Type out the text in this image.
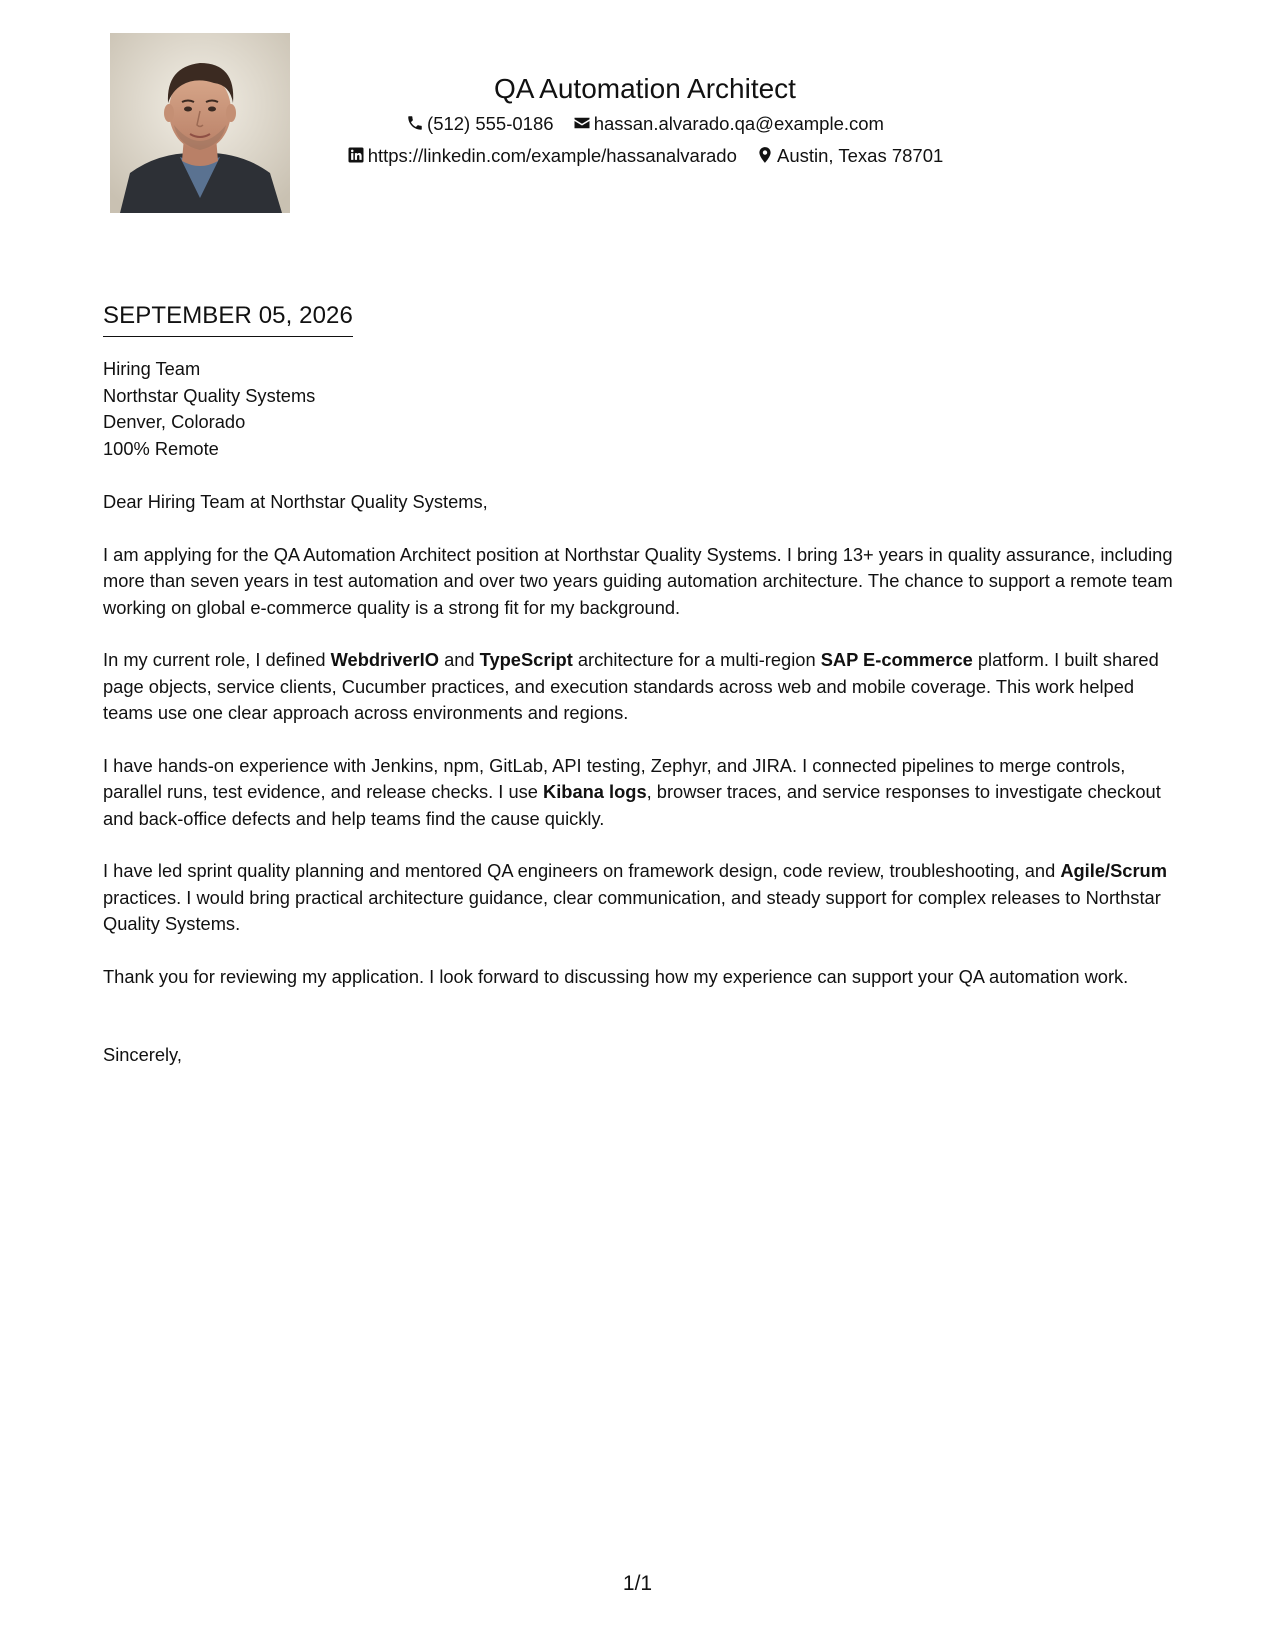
QA Automation Architect
(512) 555-0186 hassan.alvarado.qa@example.com
https://linkedin.com/example/hassanalvarado Austin, Texas 78701
SEPTEMBER 05, 2026
Hiring Team
Northstar Quality Systems
Denver, Colorado
100% Remote

Dear Hiring Team at Northstar Quality Systems,

I am applying for the QA Automation Architect position at Northstar Quality Systems. I bring 13+ years in quality assurance, including more than seven years in test automation and over two years guiding automation architecture. The chance to support a remote team working on global e-commerce quality is a strong fit for my background.

In my current role, I defined WebdriverIO and TypeScript architecture for a multi-region SAP E-commerce platform. I built shared page objects, service clients, Cucumber practices, and execution standards across web and mobile coverage. This work helped teams use one clear approach across environments and regions.

I have hands-on experience with Jenkins, npm, GitLab, API testing, Zephyr, and JIRA. I connected pipelines to merge controls, parallel runs, test evidence, and release checks. I use Kibana logs, browser traces, and service responses to investigate checkout and back-office defects and help teams find the cause quickly.

I have led sprint quality planning and mentored QA engineers on framework design, code review, troubleshooting, and Agile/Scrum practices. I would bring practical architecture guidance, clear communication, and steady support for complex releases to Northstar Quality Systems.

Thank you for reviewing my application. I look forward to discussing how my experience can support your QA automation work.

Sincerely,

1/1
